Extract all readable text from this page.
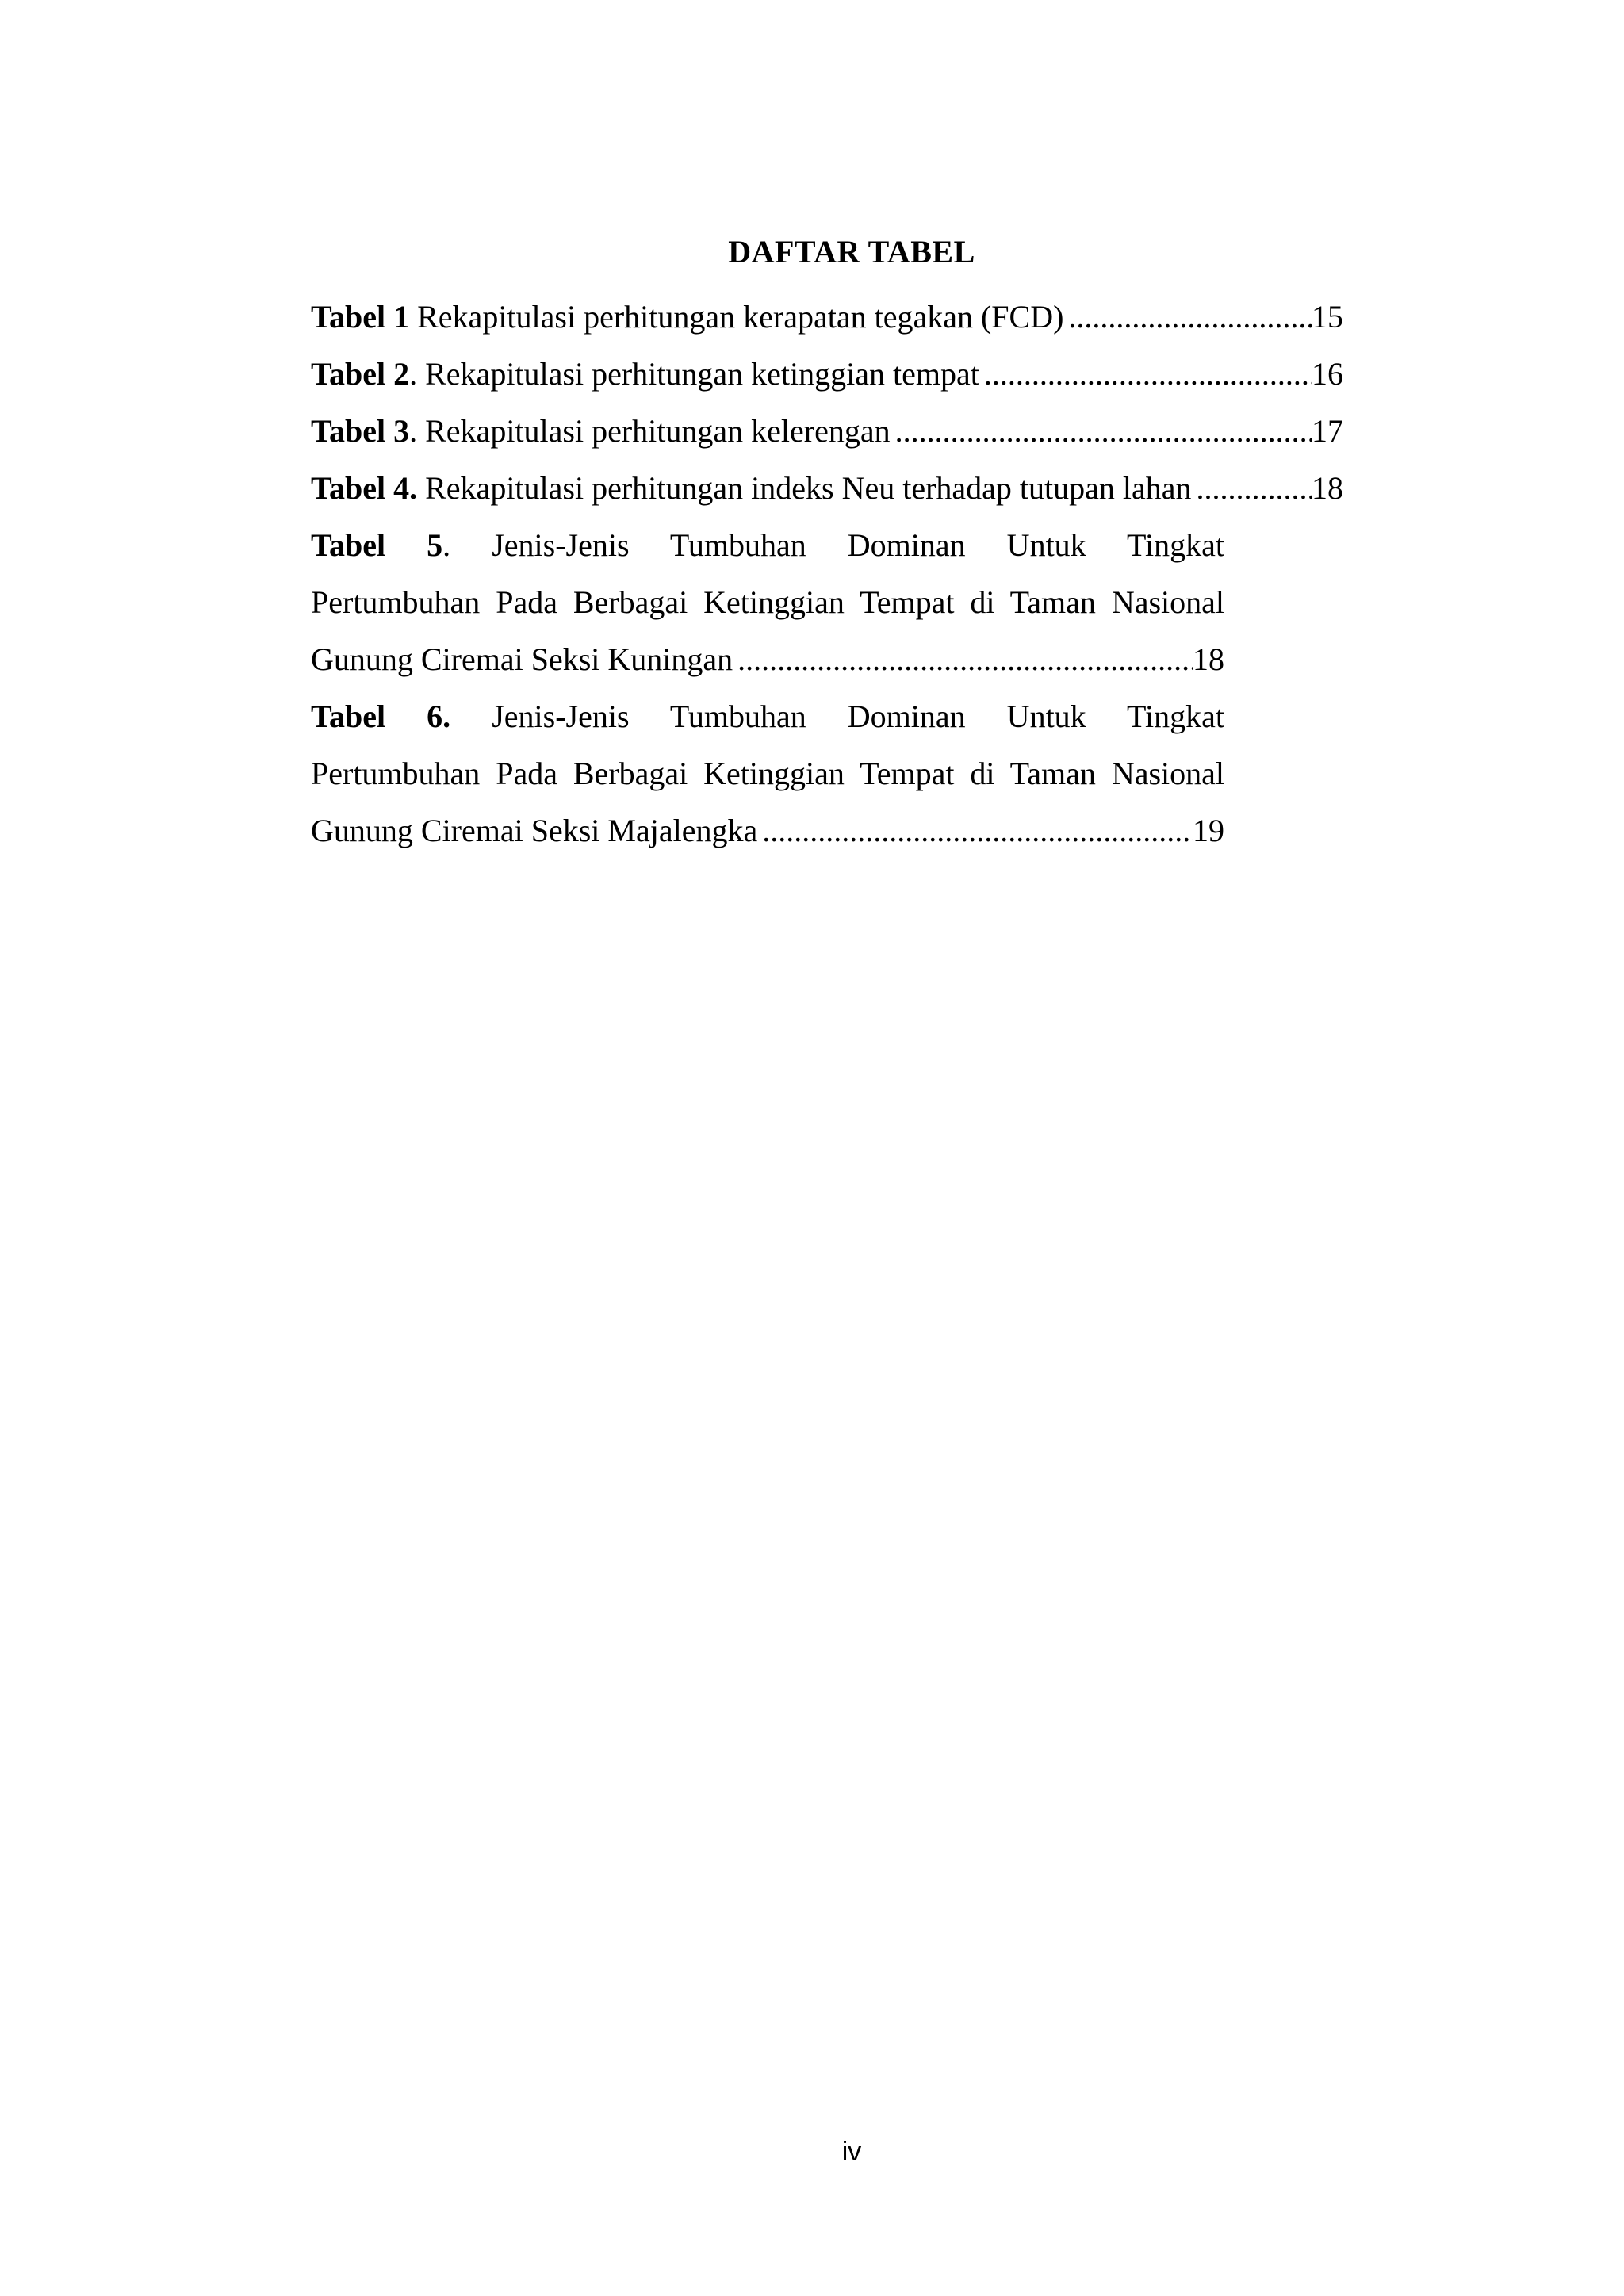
DAFTAR TABEL
Tabel 1 Rekapitulasi perhitungan kerapatan tegakan (FCD) .....	15
Tabel 2. Rekapitulasi perhitungan ketinggian tempat .....	16
Tabel 3. Rekapitulasi perhitungan kelerengan .....	17
Tabel 4. Rekapitulasi perhitungan indeks Neu terhadap tutupan lahan .....	18
Tabel 5. Jenis-Jenis Tumbuhan Dominan Untuk Tingkat
Pertumbuhan Pada Berbagai Ketinggian Tempat di Taman Nasional
Gunung Ciremai Seksi Kuningan .....	18
Tabel 6. Jenis-Jenis Tumbuhan Dominan Untuk Tingkat
Pertumbuhan Pada Berbagai Ketinggian Tempat di Taman Nasional
Gunung Ciremai Seksi Majalengka .....	19
iv
